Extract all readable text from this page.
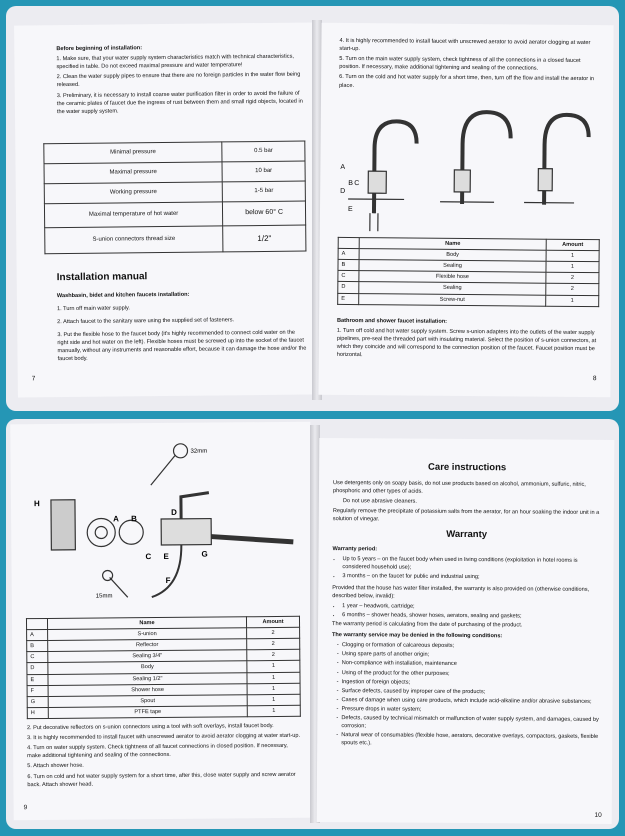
Before beginning of installation:

1. Make sure, that your water supply system characteristics match with technical characteristics, specified in table. Do not exceed maximal pressure and water temperature!

2. Clean the water supply pipes to ensure that there are no foreign particles in the water flow being released.

3. Preliminary, it is necessary to install coarse water purification filter in order to avoid the failure of the ceramic plates of faucet due the ingress of rust between them and small rigid objects, located in the water supply system.

Minimal pressure	0.5 bar
Maximal pressure	10 bar
Working pressure	1-5 bar
Maximal temperature of hot water	below 60° C
S-union connectors thread size	1/2"

Installation manual

Washbasin, bidet and kitchen faucets installation:

1. Turn off main water supply.

2. Attach faucet to the sanitary ware using the supplied set of fasteners.

3. Put the flexible hose to the faucet body (it's highly recommended to connect cold water on the right side and hot water on the left). Flexible hoses must be screwed up into the socket of the faucet manually, without any instruments and reasonable effort, because it can damage the hose and/or the faucet body.

7

4. It is highly recommended to install faucet with unscrewed aerator to avoid aerator clogging at water start-up.

5. Turn on the main water supply system, check tightness of all the connections in a closed faucet position. If necessary, make additional tightening and sealing of the connections.

6. Turn on the cold and hot water supply for a short time, then, turn off the flow and install the aerator in place.

A
B C
D
E
	Name	Amount
A	Body	1
B	Sealing	1
C	Flexible hose	2
D	Sealing	2
E	Screw-nut	1

Bathroom and shower faucet installation:

1. Turn off cold and hot water supply system. Screw s-union adapters into the outlets of the water supply pipelines, pre-seal the threaded part with insulating material. Select the position of s-union connectors, at which they coincide and will correspond to the connection position of the faucet. Faucet position must be horizontal.

8
H
A B
C
D
E
F
G
32mm
15mm
	Name	Amount
A	S-union	2
B	Reflector	2
C	Sealing 3/4"	2
D	Body	1
E	Sealing 1/2"	1
F	Shower hose	1
G	Spout	1
H	PTFE tape	1

2. Put decorative reflectors on s-union connectors using a tool with soft overlays, install faucet body.

3. It is highly recommended to install faucet with unscrewed aerator to avoid aerator clogging at water start-up.

4. Turn on water supply system. Check tightness of all faucet connections in closed position. If necessary, make additional tightening and sealing of the connections.

5. Attach shower hose.

6. Turn on cold and hot water supply system for a short time, after this, close water supply and screw aerator back. Attach shower head.

9

Care instructions

Use detergents only on soapy basis, do not use products based on alcohol, ammonium, sulfuric, nitric, phosphoric and other types of acids.

Do not use abrasive cleaners.

Regularly remove the precipitate of potassium salts from the aerator, for an hour soaking the indoor unit in a solution of vinegar.

Warranty

Warranty period:

• Up to 5 years – on the faucet body when used in living conditions (exploitation in hotel rooms is considered household use);
• 3 months – on the faucet for public and industrial using;

Provided that the house has water filter installed, the warranty is also provided on (otherwise conditions, described below, invalid):

• 1 year – headwork, cartridge;
• 6 months – shower heads, shower hoses, aerators, sealing and gaskets;

The warranty period is calculating from the date of purchasing of the product.

The warranty service may be denied in the following conditions:

- Clogging or formation of calcareous deposits;
- Using spare parts of another origin;
- Non-compliance with installation, maintenance
- Using of the product for the other purposes;
- Ingestion of foreign objects;
- Surface defects, caused by improper care of the products;
- Cases of damage when using care products, which include acid-alkaline and/or abrasive substances;
- Pressure drops in water system;
- Defects, caused by technical mismatch or malfunction of water supply system, and damages, caused by corrosion;
- Natural wear of consumables (flexible hose, aerators, decorative overlays, compactors, gaskets, flexible spouts etc.).
10
